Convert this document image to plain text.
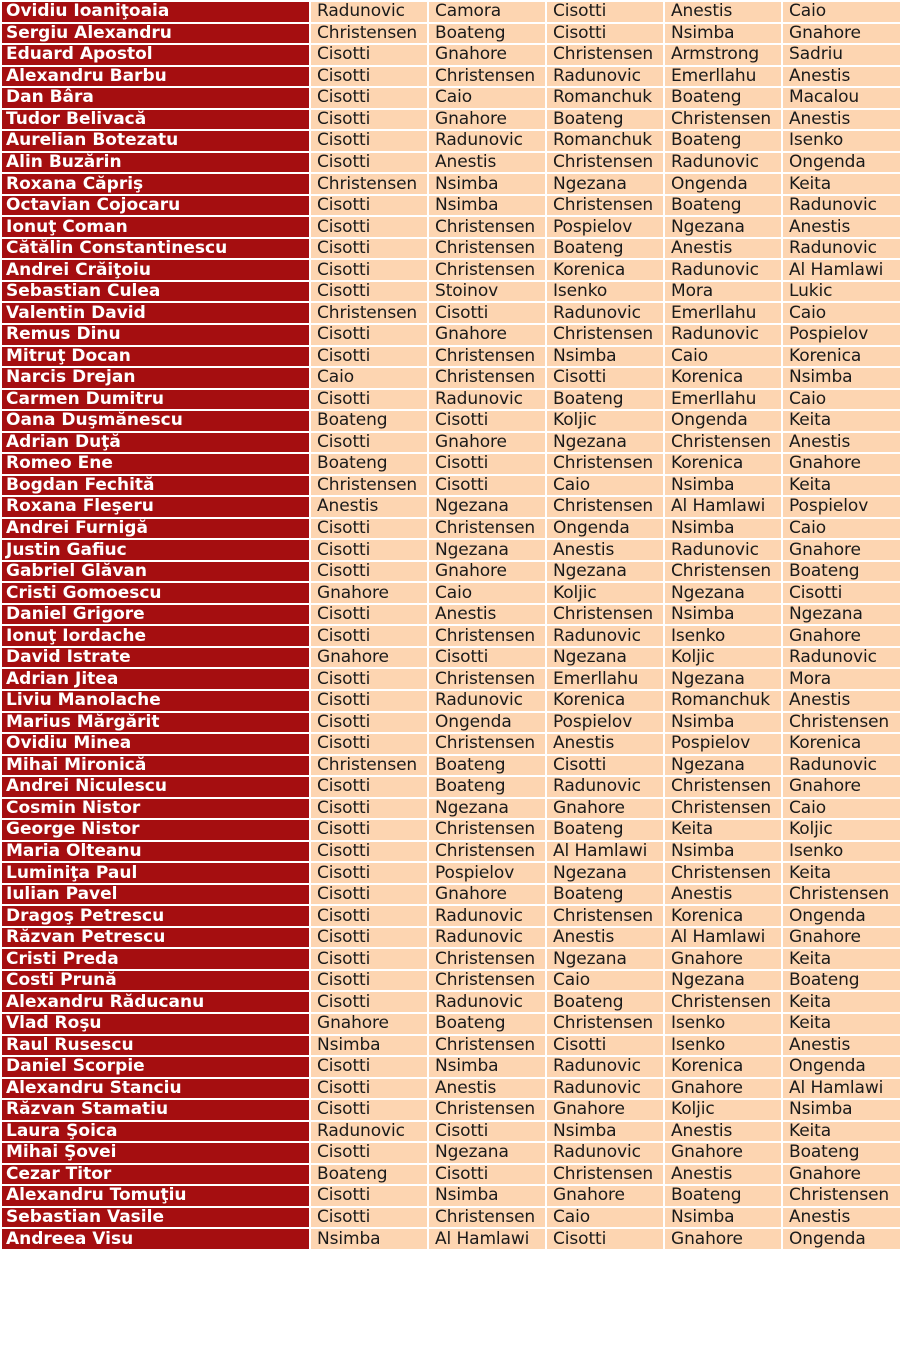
Ovidiu Ioaniţoaia	Radunovic	Camora	Cisotti	Anestis	Caio
Sergiu Alexandru	Christensen	Boateng	Cisotti	Nsimba	Gnahore
Eduard Apostol	Cisotti	Gnahore	Christensen	Armstrong	Sadriu
Alexandru Barbu	Cisotti	Christensen	Radunovic	Emerllahu	Anestis
Dan Bâra	Cisotti	Caio	Romanchuk	Boateng	Macalou
Tudor Belivacă	Cisotti	Gnahore	Boateng	Christensen	Anestis
Aurelian Botezatu	Cisotti	Radunovic	Romanchuk	Boateng	Isenko
Alin Buzărin	Cisotti	Anestis	Christensen	Radunovic	Ongenda
Roxana Căpriş	Christensen	Nsimba	Ngezana	Ongenda	Keita
Octavian Cojocaru	Cisotti	Nsimba	Christensen	Boateng	Radunovic
Ionuţ Coman	Cisotti	Christensen	Pospielov	Ngezana	Anestis
Cătălin Constantinescu	Cisotti	Christensen	Boateng	Anestis	Radunovic
Andrei Crăiţoiu	Cisotti	Christensen	Korenica	Radunovic	Al Hamlawi
Sebastian Culea	Cisotti	Stoinov	Isenko	Mora	Lukic
Valentin David	Christensen	Cisotti	Radunovic	Emerllahu	Caio
Remus Dinu	Cisotti	Gnahore	Christensen	Radunovic	Pospielov
Mitruţ Docan	Cisotti	Christensen	Nsimba	Caio	Korenica
Narcis Drejan	Caio	Christensen	Cisotti	Korenica	Nsimba
Carmen Dumitru	Cisotti	Radunovic	Boateng	Emerllahu	Caio
Oana Duşmănescu	Boateng	Cisotti	Koljic	Ongenda	Keita
Adrian Duţă	Cisotti	Gnahore	Ngezana	Christensen	Anestis
Romeo Ene	Boateng	Cisotti	Christensen	Korenica	Gnahore
Bogdan Fechită	Christensen	Cisotti	Caio	Nsimba	Keita
Roxana Fleşeru	Anestis	Ngezana	Christensen	Al Hamlawi	Pospielov
Andrei Furnigă	Cisotti	Christensen	Ongenda	Nsimba	Caio
Justin Gafiuc	Cisotti	Ngezana	Anestis	Radunovic	Gnahore
Gabriel Glăvan	Cisotti	Gnahore	Ngezana	Christensen	Boateng
Cristi Gomoescu	Gnahore	Caio	Koljic	Ngezana	Cisotti
Daniel Grigore	Cisotti	Anestis	Christensen	Nsimba	Ngezana
Ionuţ Iordache	Cisotti	Christensen	Radunovic	Isenko	Gnahore
David Istrate	Gnahore	Cisotti	Ngezana	Koljic	Radunovic
Adrian Jitea	Cisotti	Christensen	Emerllahu	Ngezana	Mora
Liviu Manolache	Cisotti	Radunovic	Korenica	Romanchuk	Anestis
Marius Mărgărit	Cisotti	Ongenda	Pospielov	Nsimba	Christensen
Ovidiu Minea	Cisotti	Christensen	Anestis	Pospielov	Korenica
Mihai Mironică	Christensen	Boateng	Cisotti	Ngezana	Radunovic
Andrei Niculescu	Cisotti	Boateng	Radunovic	Christensen	Gnahore
Cosmin Nistor	Cisotti	Ngezana	Gnahore	Christensen	Caio
George Nistor	Cisotti	Christensen	Boateng	Keita	Koljic
Maria Olteanu	Cisotti	Christensen	Al Hamlawi	Nsimba	Isenko
Luminiţa Paul	Cisotti	Pospielov	Ngezana	Christensen	Keita
Iulian Pavel	Cisotti	Gnahore	Boateng	Anestis	Christensen
Dragoş Petrescu	Cisotti	Radunovic	Christensen	Korenica	Ongenda
Răzvan Petrescu	Cisotti	Radunovic	Anestis	Al Hamlawi	Gnahore
Cristi Preda	Cisotti	Christensen	Ngezana	Gnahore	Keita
Costi Prună	Cisotti	Christensen	Caio	Ngezana	Boateng
Alexandru Răducanu	Cisotti	Radunovic	Boateng	Christensen	Keita
Vlad Roşu	Gnahore	Boateng	Christensen	Isenko	Keita
Raul Rusescu	Nsimba	Christensen	Cisotti	Isenko	Anestis
Daniel Scorpie	Cisotti	Nsimba	Radunovic	Korenica	Ongenda
Alexandru Stanciu	Cisotti	Anestis	Radunovic	Gnahore	Al Hamlawi
Răzvan Stamatiu	Cisotti	Christensen	Gnahore	Koljic	Nsimba
Laura Şoica	Radunovic	Cisotti	Nsimba	Anestis	Keita
Mihai Şovei	Cisotti	Ngezana	Radunovic	Gnahore	Boateng
Cezar Titor	Boateng	Cisotti	Christensen	Anestis	Gnahore
Alexandru Tomuţiu	Cisotti	Nsimba	Gnahore	Boateng	Christensen
Sebastian Vasile	Cisotti	Christensen	Caio	Nsimba	Anestis
Andreea Visu	Nsimba	Al Hamlawi	Cisotti	Gnahore	Ongenda
